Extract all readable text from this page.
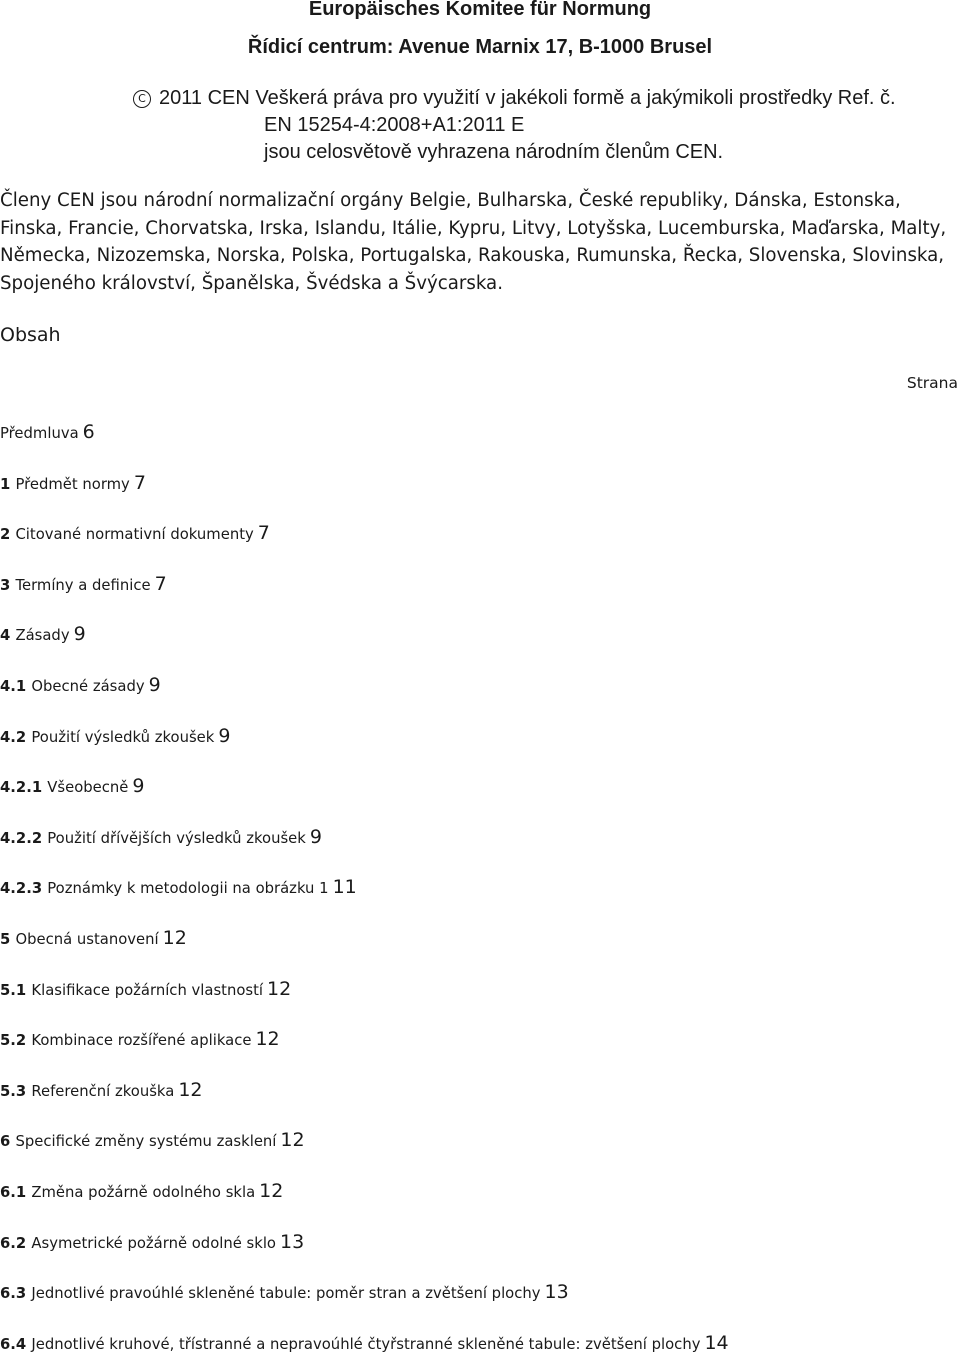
Europäisches Komitee für Normung
Řídicí centrum: Avenue Marnix 17, B-1000 Brusel
C 2011 CEN Veškerá práva pro využití v jakékoli formě a jakýmikoli prostředky Ref. č.
EN 15254-4:2008+A1:2011 E
jsou celosvětově vyhrazena národním členům CEN.

Členy CEN jsou národní normalizační orgány Belgie, Bulharska, České republiky, Dánska, Estonska, Finska, Francie, Chorvatska, Irska, Islandu, Itálie, Kypru, Litvy, Lotyšska, Lucemburska, Maďarska, Malty, Německa, Nizozemska, Norska, Polska, Portugalska, Rakouska, Rumunska, Řecka, Slovenska, Slovinska, Spojeného království, Španělska, Švédska a Švýcarska.

Obsah
Strana
Předmluva 6
1 Předmět normy 7
2 Citované normativní dokumenty 7
3 Termíny a definice 7
4 Zásady 9
4.1 Obecné zásady 9
4.2 Použití výsledků zkoušek 9
4.2.1 Všeobecně 9
4.2.2 Použití dřívějších výsledků zkoušek 9
4.2.3 Poznámky k metodologii na obrázku 1 11
5 Obecná ustanovení 12
5.1 Klasifikace požárních vlastností 12
5.2 Kombinace rozšířené aplikace 12
5.3 Referenční zkouška 12
6 Specifické změny systému zasklení 12
6.1 Změna požárně odolného skla 12
6.2 Asymetrické požárně odolné sklo 13
6.3 Jednotlivé pravoúhlé skleněné tabule: poměr stran a zvětšení plochy 13
6.4 Jednotlivé kruhové, třístranné a nepravoúhlé čtyřstranné skleněné tabule: zvětšení plochy 14
